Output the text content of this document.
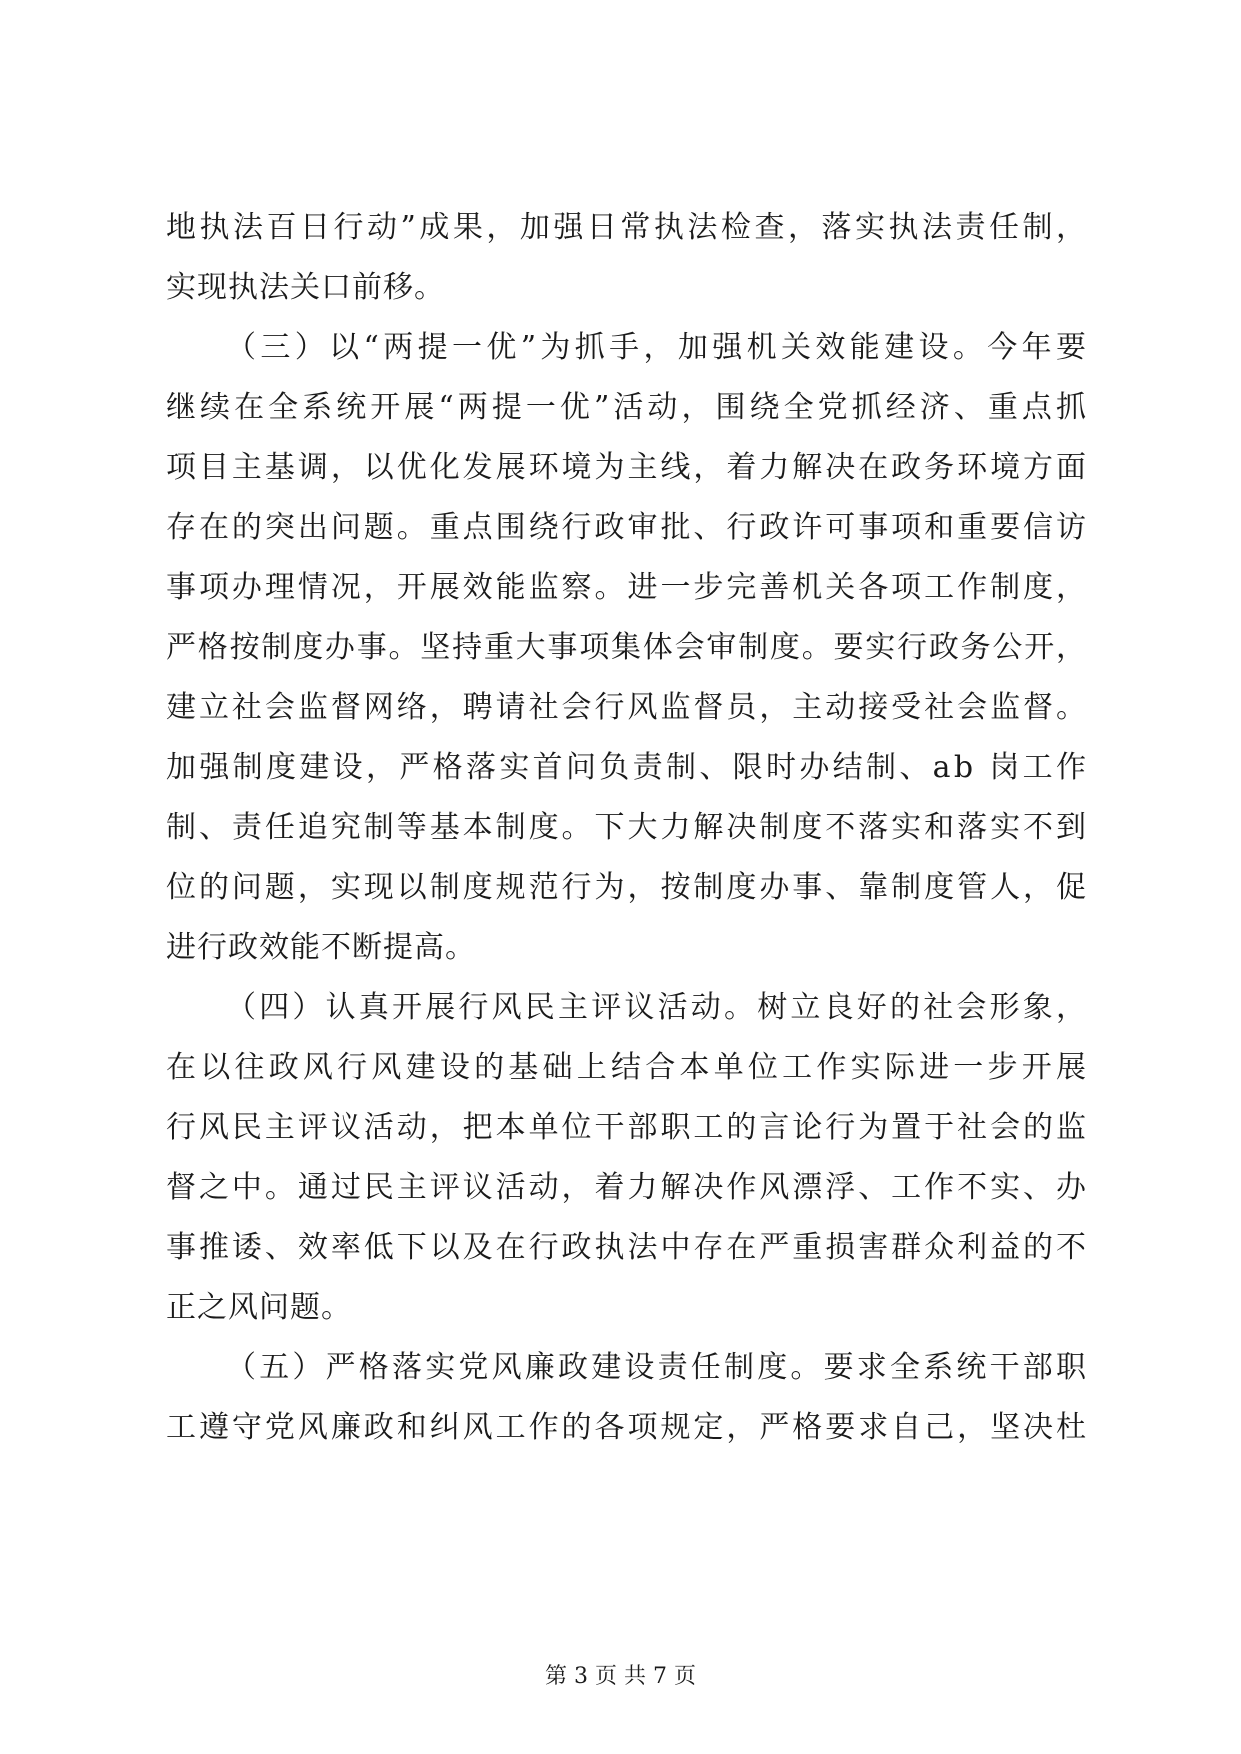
地执法百日行动”成果，加强日常执法检查，落实执法责任制，
实现执法关口前移。
（三）以“两提一优”为抓手，加强机关效能建设。今年要
继续在全系统开展“两提一优”活动，围绕全党抓经济、重点抓
项目主基调，以优化发展环境为主线，着力解决在政务环境方面
存在的突出问题。重点围绕行政审批、行政许可事项和重要信访
事项办理情况，开展效能监察。进一步完善机关各项工作制度，
严格按制度办事。坚持重大事项集体会审制度。要实行政务公开，
建立社会监督网络，聘请社会行风监督员，主动接受社会监督。
加强制度建设，严格落实首问负责制、限时办结制、ab 岗工作
制、责任追究制等基本制度。下大力解决制度不落实和落实不到
位的问题，实现以制度规范行为，按制度办事、靠制度管人，促
进行政效能不断提高。
（四）认真开展行风民主评议活动。树立良好的社会形象，
在以往政风行风建设的基础上结合本单位工作实际进一步开展
行风民主评议活动，把本单位干部职工的言论行为置于社会的监
督之中。通过民主评议活动，着力解决作风漂浮、工作不实、办
事推诿、效率低下以及在行政执法中存在严重损害群众利益的不
正之风问题。
（五）严格落实党风廉政建设责任制度。要求全系统干部职
工遵守党风廉政和纠风工作的各项规定，严格要求自己，坚决杜
第 3 页 共 7 页
